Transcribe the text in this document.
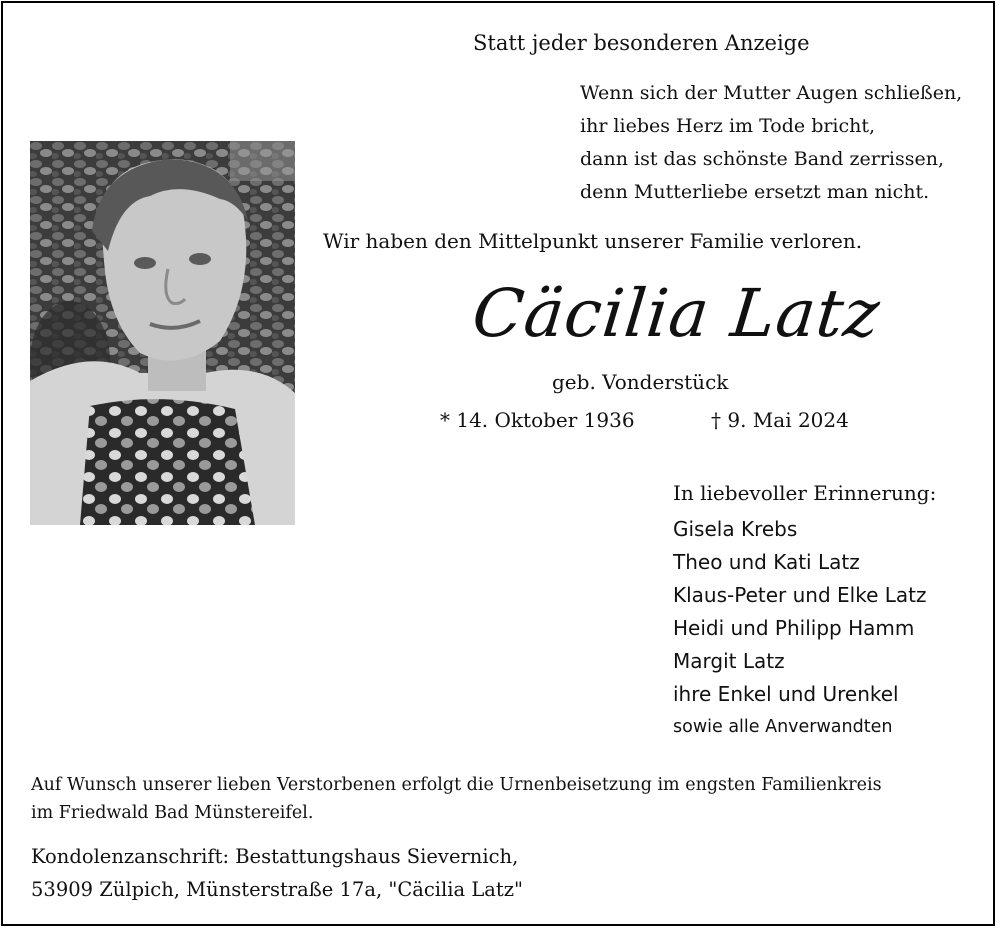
Statt jeder besonderen Anzeige
Wenn sich der Mutter Augen schließen,
ihr liebes Herz im Tode bricht,
dann ist das schönste Band zerrissen,
denn Mutterliebe ersetzt man nicht.
Wir haben den Mittelpunkt unserer Familie verloren.
Cäcilia Latz
geb. Vonderstück
* 14. Oktober 1936	† 9. Mai 2024
In liebevoller Erinnerung:
Gisela Krebs
Theo und Kati Latz
Klaus-Peter und Elke Latz
Heidi und Philipp Hamm
Margit Latz
ihre Enkel und Urenkel
sowie alle Anverwandten
Auf Wunsch unserer lieben Verstorbenen erfolgt die Urnenbeisetzung im engsten Familienkreis
im Friedwald Bad Münstereifel.
Kondolenzanschrift: Bestattungshaus Sievernich,
53909 Zülpich, Münsterstraße 17a, "Cäcilia Latz"
